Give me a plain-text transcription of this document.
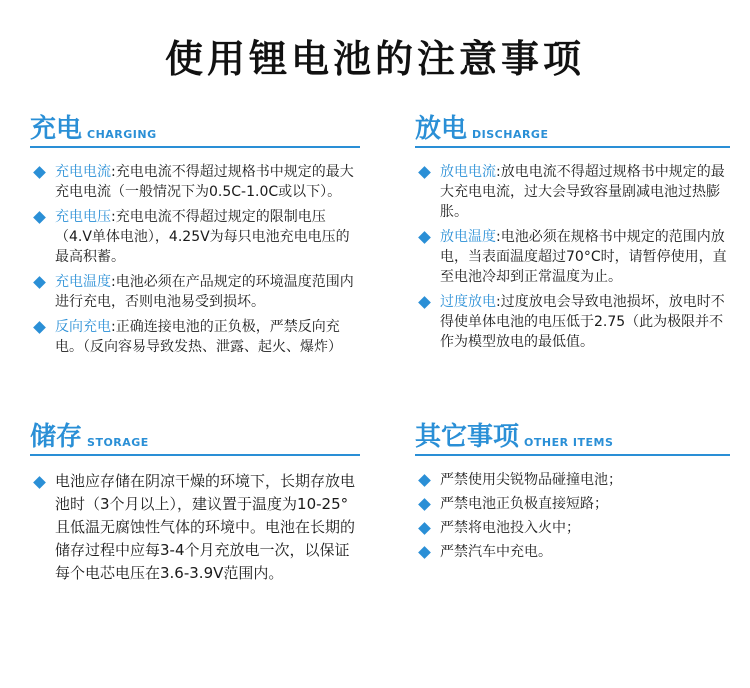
使用锂电池的注意事项
充电 CHARGING
充电电流:充电电流不得超过规格书中规定的最大充电电流（一般情况下为0.5C-1.0C或以下）。
充电电压:充电电流不得超过规定的限制电压（4.V单体电池），4.25V为每只电池充电电压的最高积蓄。
充电温度:电池必须在产品规定的环境温度范围内进行充电，否则电池易受到损坏。
反向充电:正确连接电池的正负极，严禁反向充电。（反向容易导致发热、泄露、起火、爆炸）
放电 DISCHARGE
放电电流:放电电流不得超过规格书中规定的最大充电电流，过大会导致容量剧减电池过热膨胀。
放电温度:电池必须在规格书中规定的范围内放电，当表面温度超过70°C时，请暂停使用，直至电池冷却到正常温度为止。
过度放电:过度放电会导致电池损坏，放电时不得使单体电池的电压低于2.75（此为极限并不作为模型放电的最低值。
储存 STORAGE
电池应存储在阴凉干燥的环境下，长期存放电池时（3个月以上），建议置于温度为10-25°且低温无腐蚀性气体的环境中。电池在长期的储存过程中应每3-4个月充放电一次，以保证每个电芯电压在3.6-3.9V范围内。
其它事项 OTHER ITEMS
严禁使用尖锐物品碰撞电池；
严禁电池正负极直接短路；
严禁将电池投入火中；
严禁汽车中充电。
